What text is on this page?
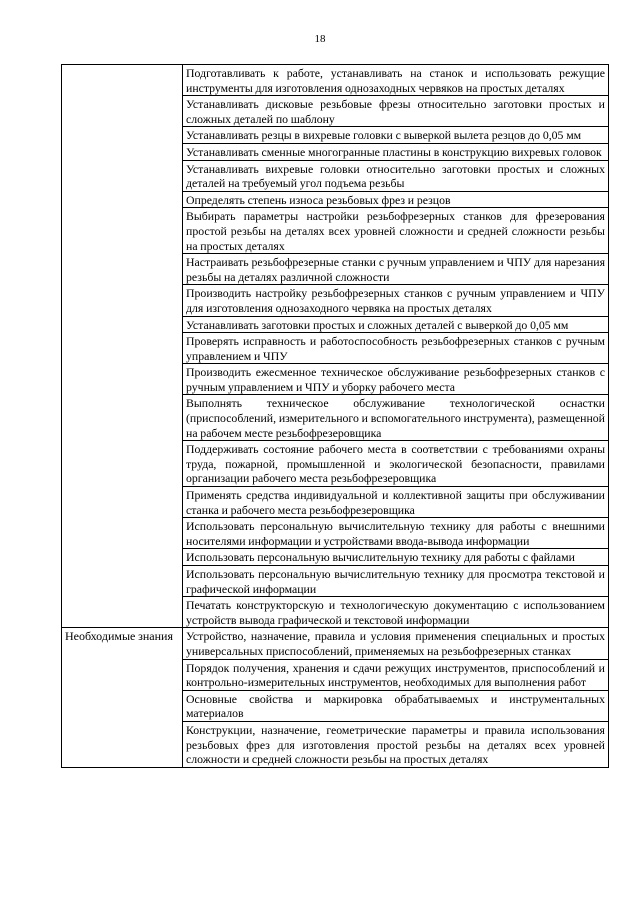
18
	Подготавливать к работе, устанавливать на станок и использовать режущие инструменты для изготовления однозаходных червяков на простых деталях
	Устанавливать дисковые резьбовые фрезы относительно заготовки простых и сложных деталей по шаблону
	Устанавливать резцы в вихревые головки с выверкой вылета резцов до 0,05 мм
	Устанавливать сменные многогранные пластины в конструкцию вихревых головок
	Устанавливать вихревые головки относительно заготовки простых и сложных деталей на требуемый угол подъема резьбы
	Определять степень износа резьбовых фрез и резцов
	Выбирать параметры настройки резьбофрезерных станков для фрезерования простой резьбы на деталях всех уровней сложности и средней сложности резьбы на простых деталях
	Настраивать резьбофрезерные станки с ручным управлением и ЧПУ для нарезания резьбы на деталях различной сложности
	Производить настройку резьбофрезерных станков с ручным управлением и ЧПУ для изготовления однозаходного червяка на простых деталях
	Устанавливать заготовки простых и сложных деталей с выверкой до 0,05 мм
	Проверять исправность и работоспособность резьбофрезерных станков с ручным управлением и ЧПУ
	Производить ежесменное техническое обслуживание резьбофрезерных станков с ручным управлением и ЧПУ и уборку рабочего места
	Выполнять техническое обслуживание технологической оснастки (приспособлений, измерительного и вспомогательного инструмента), размещенной на рабочем месте резьбофрезеровщика
	Поддерживать состояние рабочего места в соответствии с требованиями охраны труда, пожарной, промышленной и экологической безопасности, правилами организации рабочего места резьбофрезеровщика
	Применять средства индивидуальной и коллективной защиты при обслуживании станка и рабочего места резьбофрезеровщика
	Использовать персональную вычислительную технику для работы с внешними носителями информации и устройствами ввода-вывода информации
	Использовать персональную вычислительную технику для работы с файлами
	Использовать персональную вычислительную технику для просмотра текстовой и графической информации
	Печатать конструкторскую и технологическую документацию с использованием устройств вывода графической и текстовой информации
Необходимые знания	Устройство, назначение, правила и условия применения специальных и простых универсальных приспособлений, применяемых на резьбофрезерных станках
	Порядок получения, хранения и сдачи режущих инструментов, приспособлений и контрольно-измерительных инструментов, необходимых для выполнения работ
	Основные свойства и маркировка обрабатываемых и инструментальных материалов
	Конструкции, назначение, геометрические параметры и правила использования резьбовых фрез для изготовления простой резьбы на деталях всех уровней сложности и средней сложности резьбы на простых деталях
